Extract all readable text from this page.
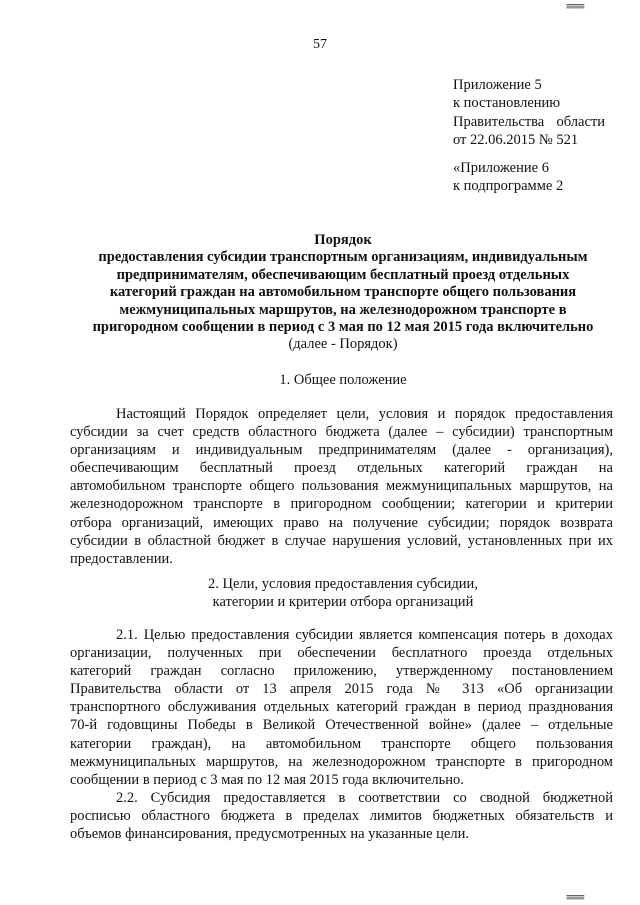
≡≡≡≡
57
Приложение 5
к постановлению
Правительства области
от 22.06.2015 № 521
«Приложение 6
к подпрограмме 2
Порядок
предоставления субсидии транспортным организациям, индивидуальным
предпринимателям, обеспечивающим бесплатный проезд отдельных
категорий граждан на автомобильном транспорте общего пользования
межмуниципальных маршрутов, на железнодорожном транспорте в
пригородном сообщении в период с 3 мая по 12 мая 2015 года включительно
(далее - Порядок)
1. Общее положение
Настоящий Порядок определяет цели, условия и порядок предоставления
субсидии за счет средств областного бюджета (далее – субсидии) транспортным
организациям и индивидуальным предпринимателям (далее - организация),
обеспечивающим бесплатный проезд отдельных категорий граждан на
автомобильном транспорте общего пользования межмуниципальных маршрутов, на
железнодорожном транспорте в пригородном сообщении; категории и критерии
отбора организаций, имеющих право на получение субсидии; порядок возврата
субсидии в областной бюджет в случае нарушения условий, установленных при их
предоставлении.
2. Цели, условия предоставления субсидии,
категории и критерии отбора организаций
2.1. Целью предоставления субсидии является компенсация потерь в доходах
организации, полученных при обеспечении бесплатного проезда отдельных
категорий граждан согласно приложению, утвержденному постановлением
Правительства области от 13 апреля 2015 года № 313 «Об организации
транспортного обслуживания отдельных категорий граждан в период празднования
70-й годовщины Победы в Великой Отечественной войне» (далее – отдельные
категории граждан), на автомобильном транспорте общего пользования
межмуниципальных маршрутов, на железнодорожном транспорте в пригородном
сообщении в период с 3 мая по 12 мая 2015 года включительно.
2.2. Субсидия предоставляется в соответствии со сводной бюджетной
росписью областного бюджета в пределах лимитов бюджетных обязательств и
объемов финансирования, предусмотренных на указанные цели.
≡≡≡≡
